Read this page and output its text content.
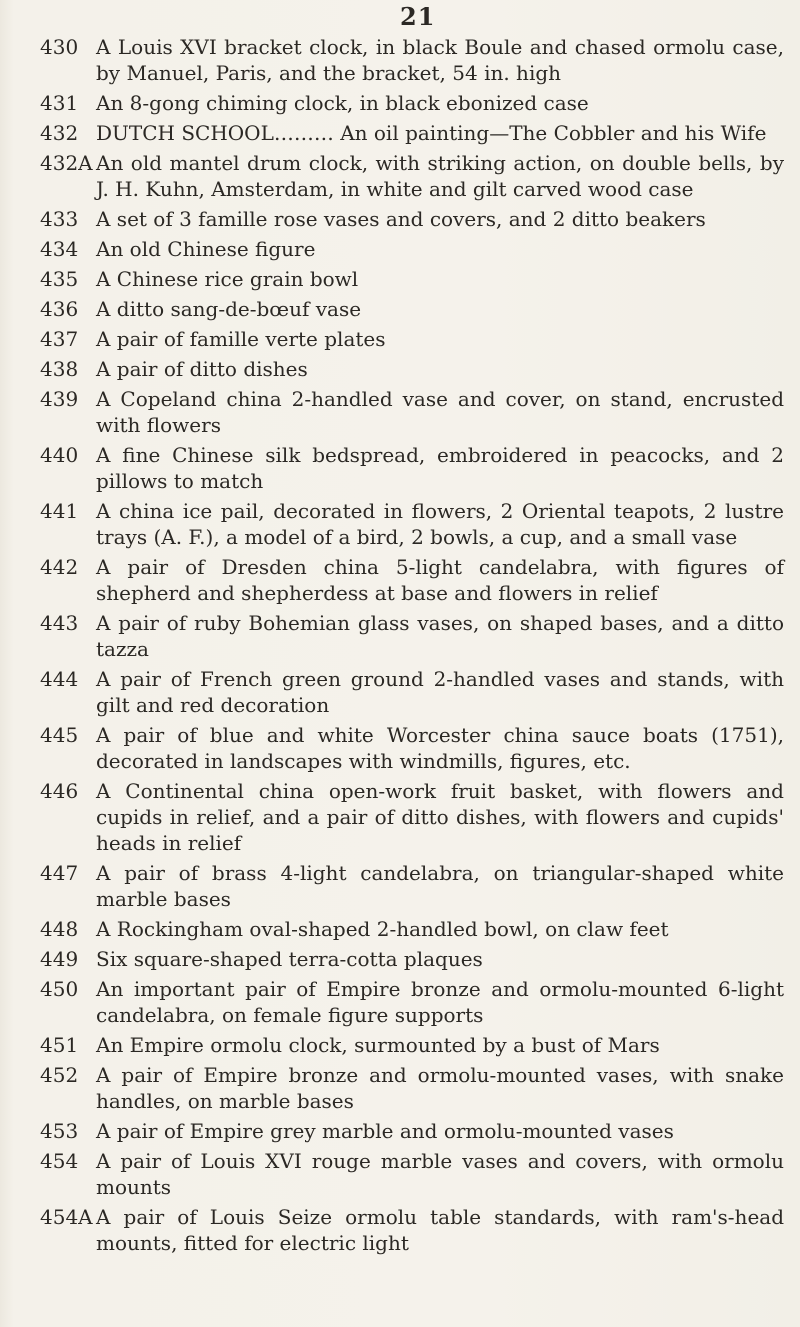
21
430 A Louis XVI bracket clock, in black Boule and chased ormolu case, by Manuel, Paris, and the bracket, 54 in. high
431 An 8-gong chiming clock, in black ebonized case
432 DUTCH SCHOOL……… An oil painting—The Cobbler and his Wife
432A An old mantel drum clock, with striking action, on double bells, by J. H. Kuhn, Amsterdam, in white and gilt carved wood case
433 A set of 3 famille rose vases and covers, and 2 ditto beakers
434 An old Chinese figure
435 A Chinese rice grain bowl
436 A ditto sang-de-bœuf vase
437 A pair of famille verte plates
438 A pair of ditto dishes
439 A Copeland china 2-handled vase and cover, on stand, encrusted with flowers
440 A fine Chinese silk bedspread, embroidered in peacocks, and 2 pillows to match
441 A china ice pail, decorated in flowers, 2 Oriental teapots, 2 lustre trays (A. F.), a model of a bird, 2 bowls, a cup, and a small vase
442 A pair of Dresden china 5-light candelabra, with figures of shepherd and shepherdess at base and flowers in relief
443 A pair of ruby Bohemian glass vases, on shaped bases, and a ditto tazza
444 A pair of French green ground 2-handled vases and stands, with gilt and red decoration
445 A pair of blue and white Worcester china sauce boats (1751), decorated in landscapes with windmills, figures, etc.
446 A Continental china open-work fruit basket, with flowers and cupids in relief, and a pair of ditto dishes, with flowers and cupids' heads in relief
447 A pair of brass 4-light candelabra, on triangular-shaped white marble bases
448 A Rockingham oval-shaped 2-handled bowl, on claw feet
449 Six square-shaped terra-cotta plaques
450 An important pair of Empire bronze and ormolu-mounted 6-light candelabra, on female figure supports
451 An Empire ormolu clock, surmounted by a bust of Mars
452 A pair of Empire bronze and ormolu-mounted vases, with snake handles, on marble bases
453 A pair of Empire grey marble and ormolu-mounted vases
454 A pair of Louis XVI rouge marble vases and covers, with ormolu mounts
454A A pair of Louis Seize ormolu table standards, with ram's-head mounts, fitted for electric light
